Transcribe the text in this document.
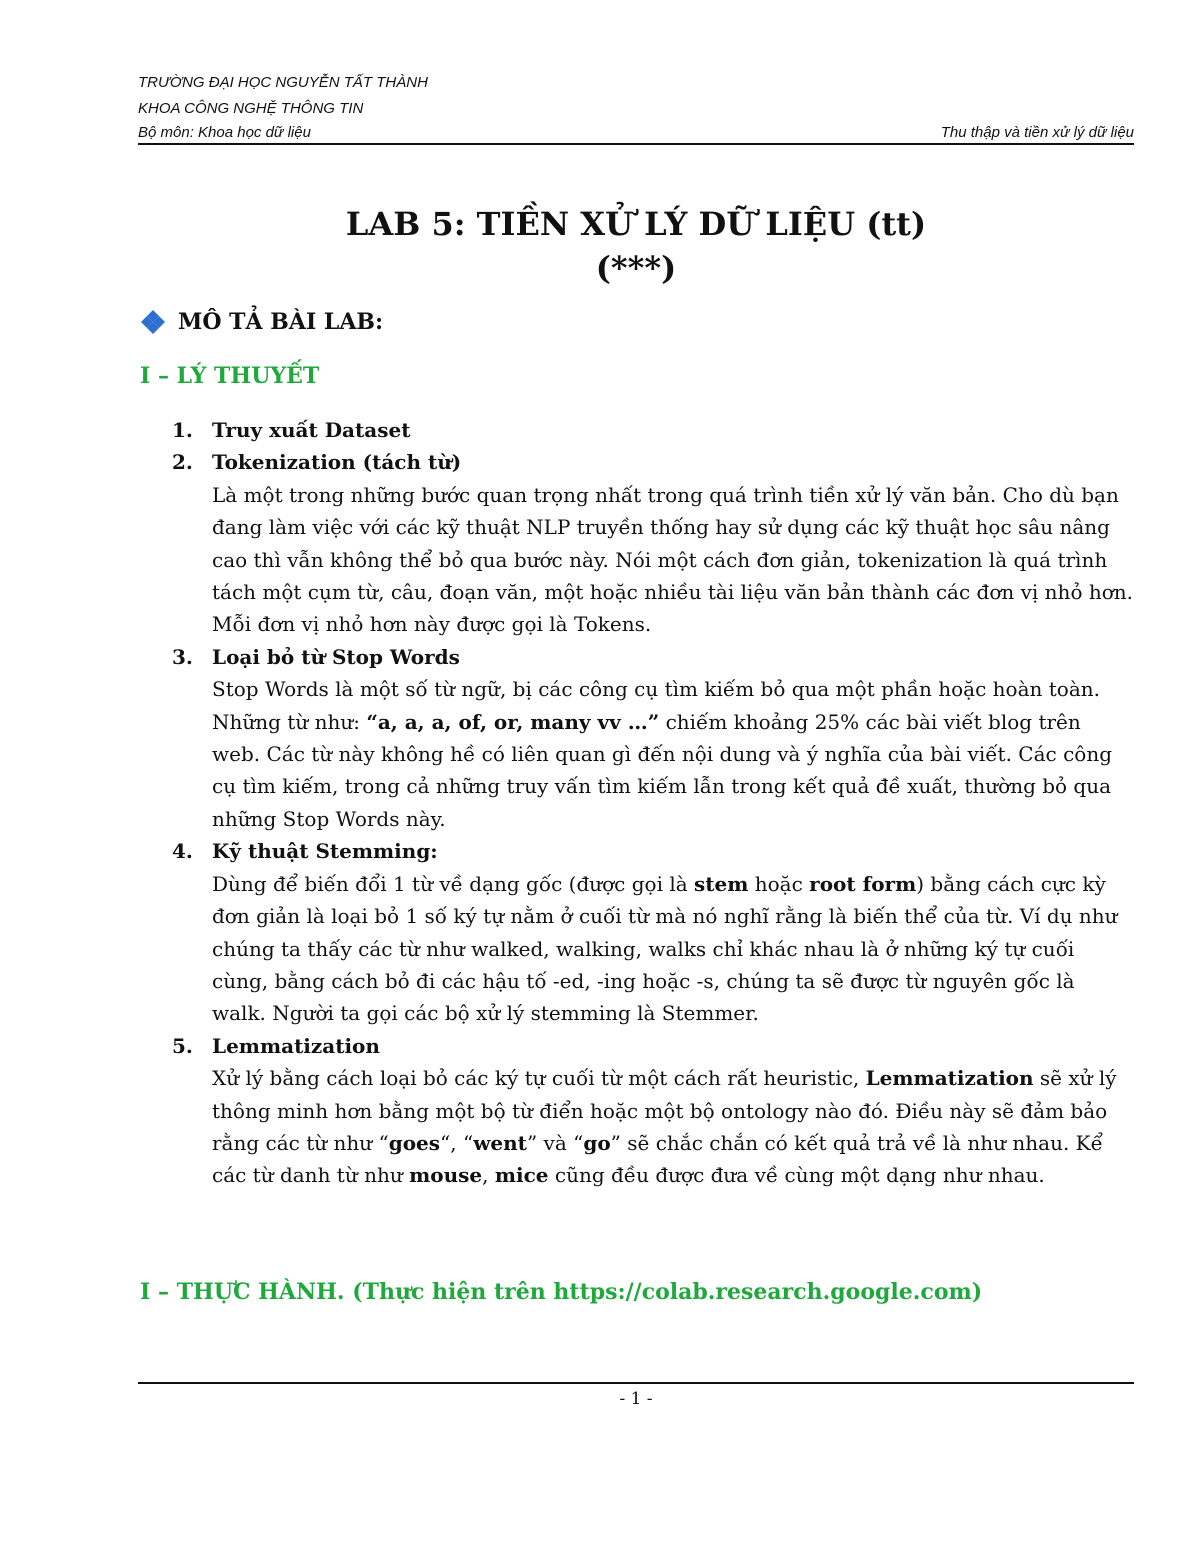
TRƯỜNG ĐẠI HỌC NGUYỄN TẤT THÀNH
KHOA CÔNG NGHỆ THÔNG TIN
Bộ môn: Khoa học dữ liệu	Thu thập và tiền xử lý dữ liệu
LAB 5: TIỀN XỬ LÝ DỮ LIỆU (tt)
(***)
MÔ TẢ BÀI LAB:
I – LÝ THUYẾT
1. Truy xuất Dataset
2. Tokenization (tách từ)

Là một trong những bước quan trọng nhất trong quá trình tiền xử lý văn bản. Cho dù bạn đang làm việc với các kỹ thuật NLP truyền thống hay sử dụng các kỹ thuật học sâu nâng cao thì vẫn không thể bỏ qua bước này. Nói một cách đơn giản, tokenization là quá trình tách một cụm từ, câu, đoạn văn, một hoặc nhiều tài liệu văn bản thành các đơn vị nhỏ hơn. Mỗi đơn vị nhỏ hơn này được gọi là Tokens.

3. Loại bỏ từ Stop Words

Stop Words là một số từ ngữ, bị các công cụ tìm kiếm bỏ qua một phần hoặc hoàn toàn. Những từ như: “a, a, a, of, or, many vv …” chiếm khoảng 25% các bài viết blog trên web. Các từ này không hề có liên quan gì đến nội dung và ý nghĩa của bài viết. Các công cụ tìm kiếm, trong cả những truy vấn tìm kiếm lẫn trong kết quả đề xuất, thường bỏ qua những Stop Words này.

4. Kỹ thuật Stemming:

Dùng để biến đổi 1 từ về dạng gốc (được gọi là stem hoặc root form) bằng cách cực kỳ đơn giản là loại bỏ 1 số ký tự nằm ở cuối từ mà nó nghĩ rằng là biến thể của từ. Ví dụ như chúng ta thấy các từ như walked, walking, walks chỉ khác nhau là ở những ký tự cuối cùng, bằng cách bỏ đi các hậu tố -ed, -ing hoặc -s, chúng ta sẽ được từ nguyên gốc là walk. Người ta gọi các bộ xử lý stemming là Stemmer.

5. Lemmatization

Xử lý bằng cách loại bỏ các ký tự cuối từ một cách rất heuristic, Lemmatization sẽ xử lý thông minh hơn bằng một bộ từ điển hoặc một bộ ontology nào đó. Điều này sẽ đảm bảo rằng các từ như “goes“, “went” và “go” sẽ chắc chắn có kết quả trả về là như nhau. Kể các từ danh từ như mouse, mice cũng đều được đưa về cùng một dạng như nhau.

I – THỰC HÀNH. (Thực hiện trên https://colab.research.google.com)
- 1 -
